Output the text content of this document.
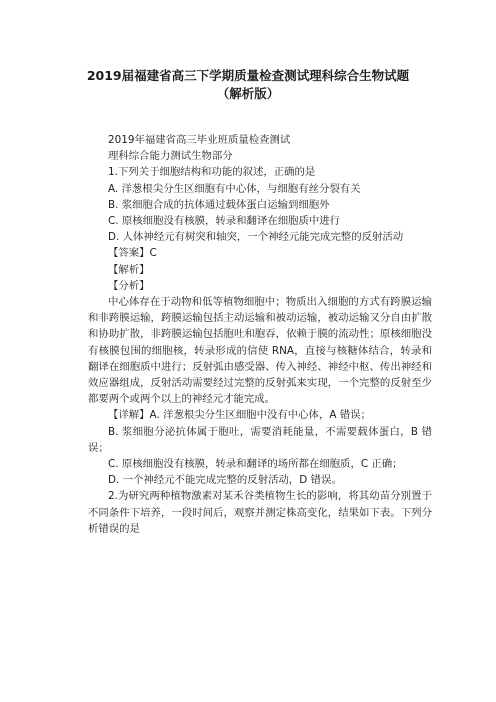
2019届福建省高三下学期质量检查测试理科综合生物试题
（解析版）

2019年福建省高三毕业班质量检查测试

理科综合能力测试生物部分

1.下列关于细胞结构和功能的叙述，正确的是

A. 洋葱根尖分生区细胞有中心体，与细胞有丝分裂有关

B. 浆细胞合成的抗体通过载体蛋白运输到细胞外

C. 原核细胞没有核膜，转录和翻译在细胞质中进行

D. 人体神经元有树突和轴突，一个神经元能完成完整的反射活动

【答案】C

【解析】

【分析】

中心体存在于动物和低等植物细胞中；物质出入细胞的方式有跨膜运输和非跨膜运输，跨膜运输包括主动运输和被动运输，被动运输又分自由扩散和协助扩散，非跨膜运输包括胞吐和胞吞，依赖于膜的流动性；原核细胞没有核膜包围的细胞核，转录形成的信使 RNA，直接与核糖体结合，转录和翻译在细胞质中进行；反射弧由感受器、传入神经、神经中枢、传出神经和效应器组成，反射活动需要经过完整的反射弧来实现，一个完整的反射至少都要两个或两个以上的神经元才能完成。

【详解】A. 洋葱根尖分生区细胞中没有中心体，A 错误；

B. 浆细胞分泌抗体属于胞吐，需要消耗能量，不需要载体蛋白，B 错误；

C. 原核细胞没有核膜，转录和翻译的场所都在细胞质，C 正确；

D. 一个神经元不能完成完整的反射活动，D 错误。

2.为研究两种植物激素对某禾谷类植物生长的影响，将其幼苗分别置于不同条件下培养，一段时间后，观察并测定株高变化，结果如下表。下列分析错误的是
